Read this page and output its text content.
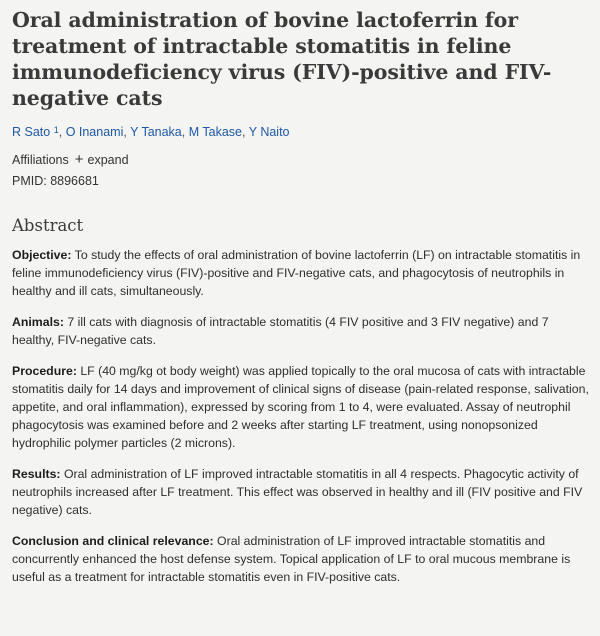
Oral administration of bovine lactoferrin for treatment of intractable stomatitis in feline immunodeficiency virus (FIV)-positive and FIV-negative cats
R Sato $^1$, O Inanami, Y Tanaka, M Takase, Y Naito
Affiliations + expand
PMID: 8896681
Abstract

Objective: To study the effects of oral administration of bovine lactoferrin (LF) on intractable stomatitis in feline immunodeficiency virus (FIV)-positive and FIV-negative cats, and phagocytosis of neutrophils in healthy and ill cats, simultaneously.

Animals: 7 ill cats with diagnosis of intractable stomatitis (4 FIV positive and 3 FIV negative) and 7 healthy, FIV-negative cats.

Procedure: LF (40 mg/kg ot body weight) was applied topically to the oral mucosa of cats with intractable stomatitis daily for 14 days and improvement of clinical signs of disease (pain-related response, salivation, appetite, and oral inflammation), expressed by scoring from 1 to 4, were evaluated. Assay of neutrophil phagocytosis was examined before and 2 weeks after starting LF treatment, using nonopsonized hydrophilic polymer particles (2 microns).

Results: Oral administration of LF improved intractable stomatitis in all 4 respects. Phagocytic activity of neutrophils increased after LF treatment. This effect was observed in healthy and ill (FIV positive and FIV negative) cats.

Conclusion and clinical relevance: Oral administration of LF improved intractable stomatitis and concurrently enhanced the host defense system. Topical application of LF to oral mucous membrane is useful as a treatment for intractable stomatitis even in FIV-positive cats.
